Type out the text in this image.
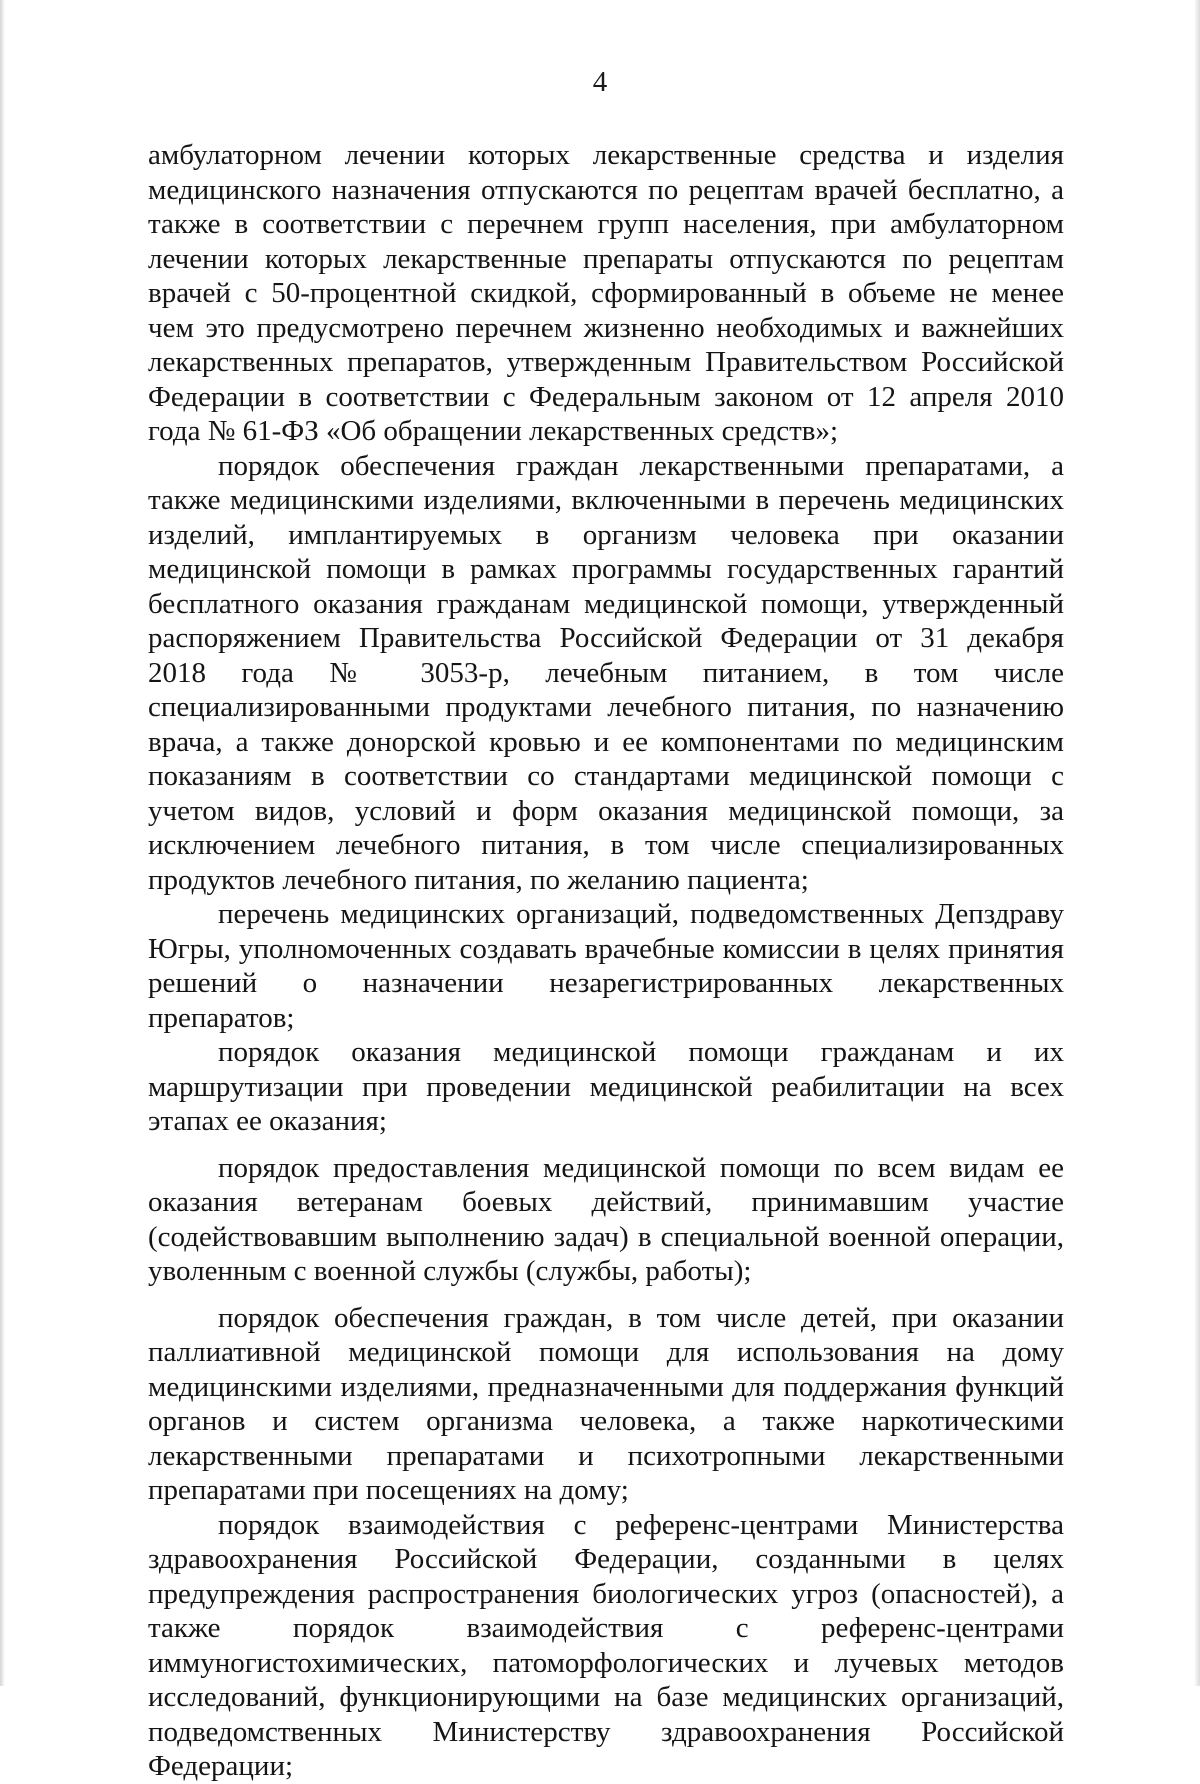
4

амбулаторном лечении которых лекарственные средства и изделия медицинского назначения отпускаются по рецептам врачей бесплатно, а также в соответствии с перечнем групп населения, при амбулаторном лечении которых лекарственные препараты отпускаются по рецептам врачей с 50-процентной скидкой, сформированный в объеме не менее чем это предусмотрено перечнем жизненно необходимых и важнейших лекарственных препаратов, утвержденным Правительством Российской Федерации в соответствии с Федеральным законом от 12 апреля 2010 года № 61-ФЗ «Об обращении лекарственных средств»;

порядок обеспечения граждан лекарственными препаратами, а также медицинскими изделиями, включенными в перечень медицинских изделий, имплантируемых в организм человека при оказании медицинской помощи в рамках программы государственных гарантий бесплатного оказания гражданам медицинской помощи, утвержденный распоряжением Правительства Российской Федерации от 31 декабря 2018 года № 3053-р, лечебным питанием, в том числе специализированными продуктами лечебного питания, по назначению врача, а также донорской кровью и ее компонентами по медицинским показаниям в соответствии со стандартами медицинской помощи с учетом видов, условий и форм оказания медицинской помощи, за исключением лечебного питания, в том числе специализированных продуктов лечебного питания, по желанию пациента;

перечень медицинских организаций, подведомственных Депздраву Югры, уполномоченных создавать врачебные комиссии в целях принятия решений о назначении незарегистрированных лекарственных препаратов;

порядок оказания медицинской помощи гражданам и их маршрутизации при проведении медицинской реабилитации на всех этапах ее оказания;

порядок предоставления медицинской помощи по всем видам ее оказания ветеранам боевых действий, принимавшим участие (содействовавшим выполнению задач) в специальной военной операции, уволенным с военной службы (службы, работы);

порядок обеспечения граждан, в том числе детей, при оказании паллиативной медицинской помощи для использования на дому медицинскими изделиями, предназначенными для поддержания функций органов и систем организма человека, а также наркотическими лекарственными препаратами и психотропными лекарственными препаратами при посещениях на дому;

порядок взаимодействия с референс-центрами Министерства здравоохранения Российской Федерации, созданными в целях предупреждения распространения биологических угроз (опасностей), а также порядок взаимодействия с референс-центрами иммуногистохимических, патоморфологических и лучевых методов исследований, функционирующими на базе медицинских организаций, подведомственных Министерству здравоохранения Российской Федерации;
